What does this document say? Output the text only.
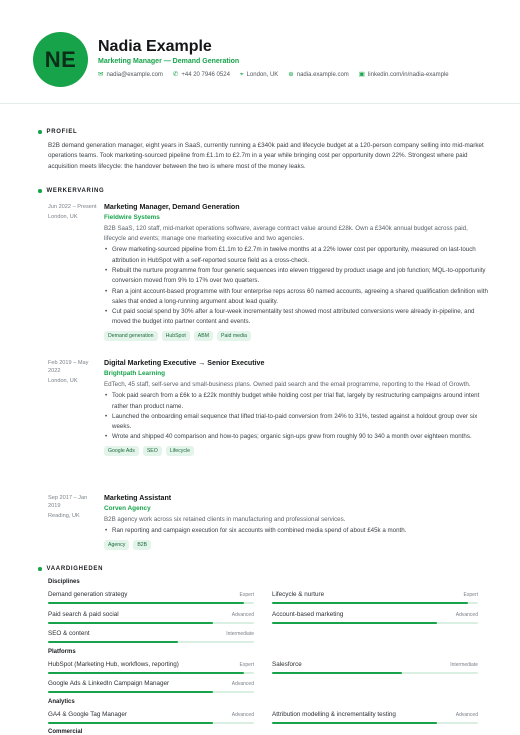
NE Nadia Example
Marketing Manager — Demand Generation
✉ nadia@example.com ✆ +44 20 7946 0524 ⌖ London, UK ⊕ nadia.example.com ▣ linkedin.com/in/nadia-example
PROFIEL
B2B demand generation manager, eight years in SaaS, currently running a £340k paid and lifecycle budget at a 120-person company selling into mid-market operations teams. Took marketing-sourced pipeline from £1.1m to £2.7m in a year while bringing cost per opportunity down 22%. Strongest where paid acquisition meets lifecycle: the handover between the two is where most of the money leaks.
WERKERVARING
Jun 2022 – Present
London, UK
Marketing Manager, Demand Generation
Fieldwire Systems
B2B SaaS, 120 staff, mid-market operations software, average contract value around £28k. Own a £340k annual budget across paid, lifecycle and events; manage one marketing executive and two agencies.
• Grew marketing-sourced pipeline from £1.1m to £2.7m in twelve months at a 22% lower cost per opportunity, measured on last-touch attribution in HubSpot with a self-reported source field as a cross-check.
• Rebuilt the nurture programme from four generic sequences into eleven triggered by product usage and job function; MQL-to-opportunity conversion moved from 9% to 17% over two quarters.
• Ran a joint account-based programme with four enterprise reps across 60 named accounts, agreeing a shared qualification definition with sales that ended a long-running argument about lead quality.
• Cut paid social spend by 30% after a four-week incrementality test showed most attributed conversions were already in-pipeline, and moved the budget into partner content and events.
Demand generation	HubSpot	ABM	Paid media
Feb 2019 – May 2022
London, UK
Digital Marketing Executive → Senior Executive
Brightpath Learning
EdTech, 45 staff, self-serve and small-business plans. Owned paid search and the email programme, reporting to the Head of Growth.
• Took paid search from a £6k to a £22k monthly budget while holding cost per trial flat, largely by restructuring campaigns around intent rather than product name.
• Launched the onboarding email sequence that lifted trial-to-paid conversion from 24% to 31%, tested against a holdout group over six weeks.
• Wrote and shipped 40 comparison and how-to pages; organic sign-ups grew from roughly 90 to 340 a month over eighteen months.
Google Ads	SEO	Lifecycle
Sep 2017 – Jan 2019
Reading, UK
Marketing Assistant
Corven Agency
B2B agency work across six retained clients in manufacturing and professional services.
• Ran reporting and campaign execution for six accounts with combined media spend of about £45k a month.
Agency	B2B
VAARDIGHEDEN
Disciplines
Demand generation strategy	Expert	Lifecycle & nurture	Expert
Paid search & paid social	Advanced	Account-based marketing	Advanced
SEO & content	Intermediate
Platforms
HubSpot (Marketing Hub, workflows, reporting)	Expert	Salesforce	Intermediate
Google Ads & LinkedIn Campaign Manager	Advanced
Analytics
GA4 & Google Tag Manager	Advanced	Attribution modelling & incrementality testing	Advanced
Commercial
